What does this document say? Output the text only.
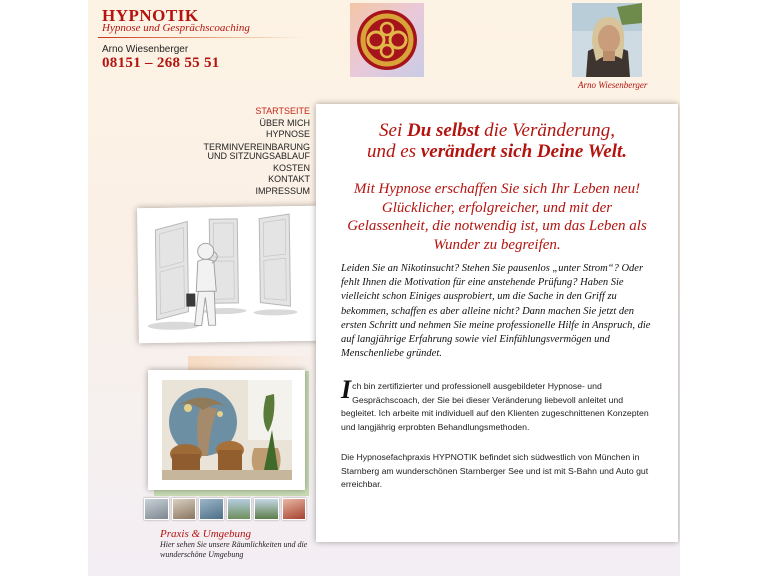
HYPNOTIK
Hypnose und Gesprächscoaching
Arno Wiesenberger
08151 – 268 55 51
Arno Wiesenberger
STARTSEITE
ÜBER MICH
HYPNOSE
TERMINVEREINBARUNG
UND SITZUNGSABLAUF
KOSTEN
KONTAKT
IMPRESSUM
Praxis & Umgebung
Hier sehen Sie unsere Räumlichkeiten und die wunderschöne Umgebung
Sei Du selbst die Veränderung,
und es verändert sich Deine Welt.
Mit Hypnose erschaffen Sie sich Ihr Leben neu! Glücklicher, erfolgreicher, und mit der Gelassenheit, die notwendig ist, um das Leben als Wunder zu begreifen.
Leiden Sie an Nikotinsucht? Stehen Sie pausenlos „unter Strom“? Oder fehlt Ihnen die Motivation für eine anstehende Prüfung? Haben Sie vielleicht schon Einiges ausprobiert, um die Sache in den Griff zu bekommen, schaffen es aber alleine nicht? Dann machen Sie jetzt den ersten Schritt und nehmen Sie meine professionelle Hilfe in Anspruch, die auf langjährige Erfahrung sowie viel Einfühlungsvermögen und Menschenliebe gründet.
Ich bin zertifizierter und professionell ausgebildeter Hypnose- und Gesprächscoach, der Sie bei dieser Veränderung liebevoll anleitet und begleitet. Ich arbeite mit individuell auf den Klienten zugeschnittenen Konzepten und langjährig erprobten Behandlungsmethoden.
Die Hypnosefachpraxis HYPNOTIK befindet sich südwestlich von München in Starnberg am wunderschönen Starnberger See und ist mit S-Bahn und Auto gut erreichbar.
